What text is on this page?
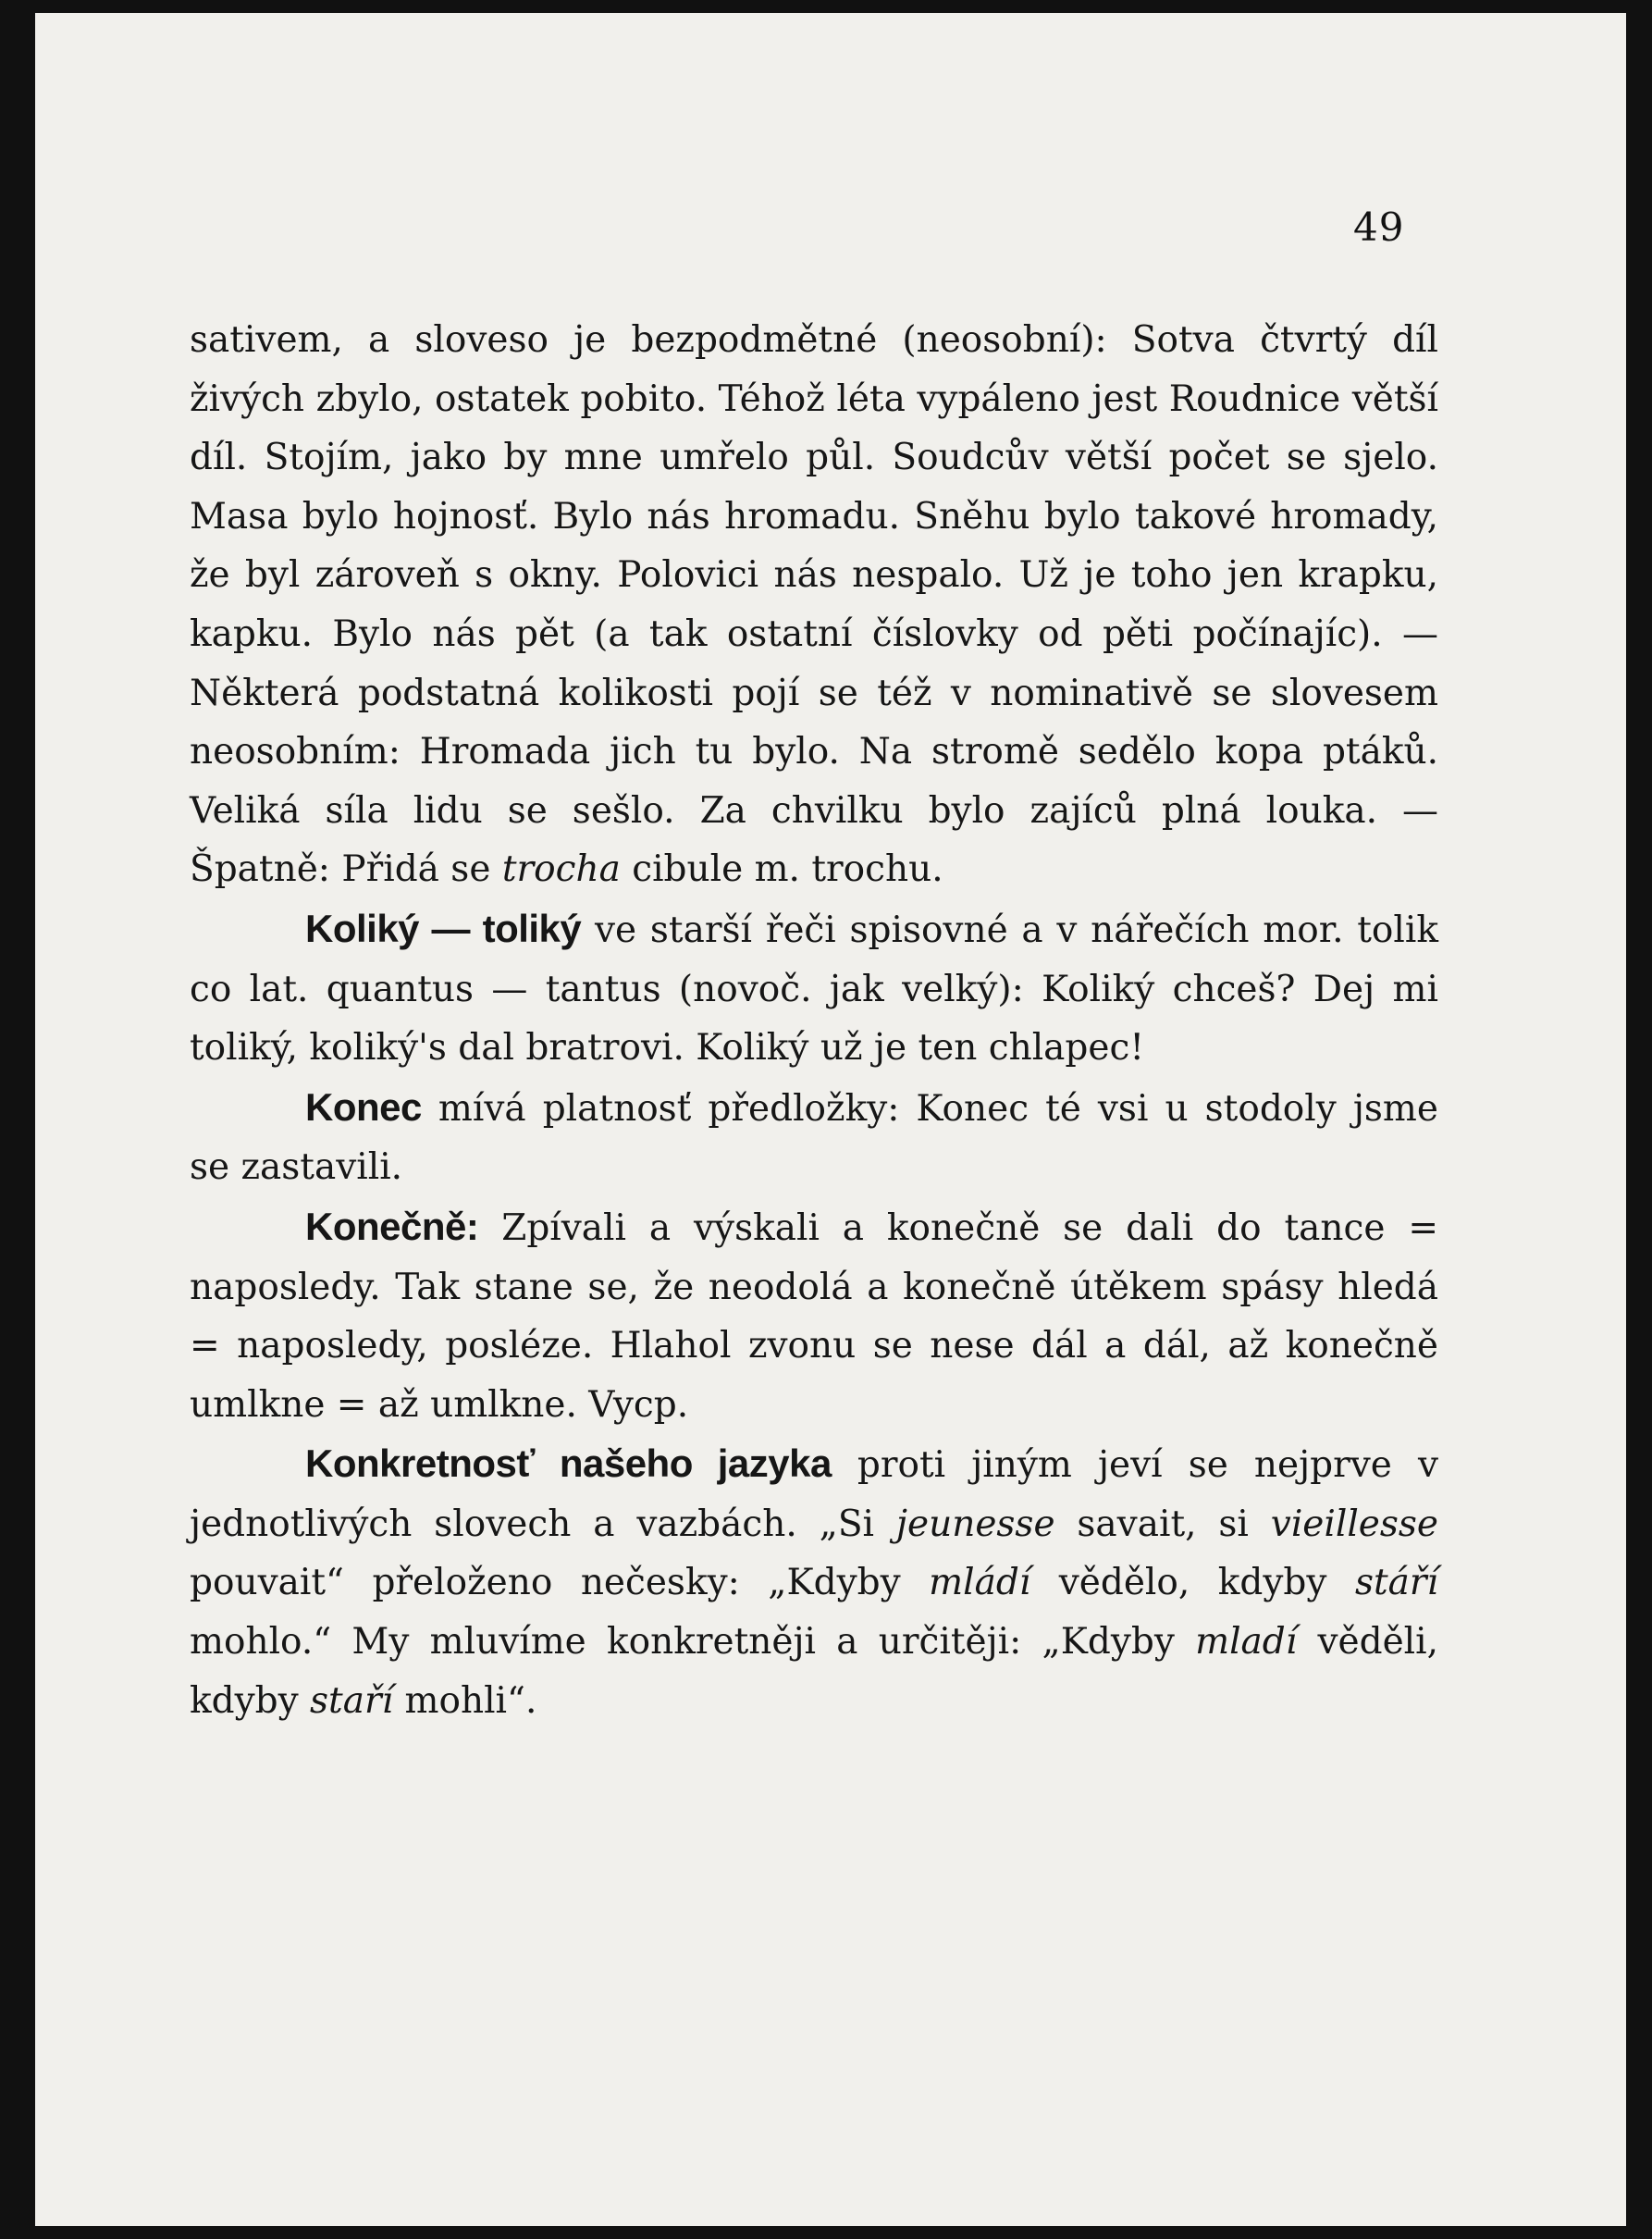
49

sativem, a sloveso je bezpodmětné (neosobní): Sotva čtvrtý díl živých zbylo, ostatek pobito. Téhož léta vypáleno jest Roudnice větší díl. Stojím, jako by mne umřelo půl. Soudcův větší počet se sjelo. Masa bylo hojnosť. Bylo nás hromadu. Sněhu bylo takové hromady, že byl zároveň s okny. Polovici nás nespalo. Už je toho jen krapku, kapku. Bylo nás pět (a tak ostatní číslovky od pěti počínajíc). — Některá podstatná kolikosti pojí se též v nominativě se slovesem neosobním: Hromada jich tu bylo. Na stromě sedělo kopa ptáků. Veliká síla lidu se sešlo. Za chvilku bylo zajíců plná louka. — Špatně: Přidá se trocha cibule m. trochu.

Koliký — toliký ve starší řeči spisovné a v nářečích mor. tolik co lat. quantus — tantus (novoč. jak velký): Koliký chceš? Dej mi toliký, koliký's dal bratrovi. Koliký už je ten chlapec!

Konec mívá platnosť předložky: Konec té vsi u stodoly jsme se zastavili.

Konečně: Zpívali a výskali a konečně se dali do tance = naposledy. Tak stane se, že neodolá a konečně útěkem spásy hledá = naposledy, posléze. Hlahol zvonu se nese dál a dál, až konečně umlkne = až umlkne. Vycp.

Konkretnosť našeho jazyka proti jiným jeví se nejprve v jednotlivých slovech a vazbách. „Si jeunesse savait, si vieillesse pouvait“ přeloženo nečesky: „Kdyby mládí vědělo, kdyby stáří mohlo.“ My mluvíme konkretněji a určitěji: „Kdyby mladí věděli, kdyby staří mohli“.
